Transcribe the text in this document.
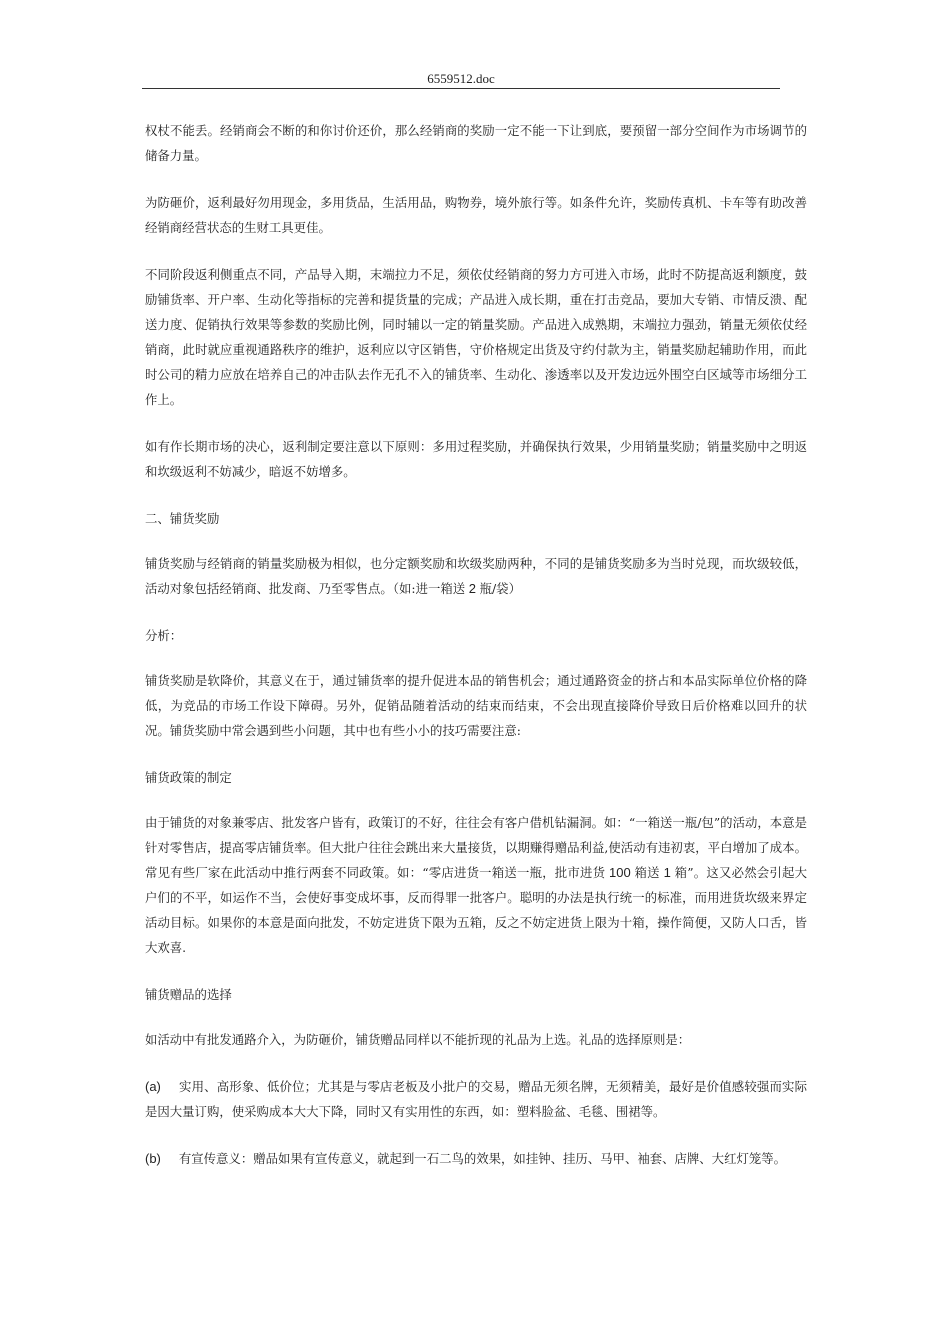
6559512.doc

权杖不能丢。经销商会不断的和你讨价还价，那么经销商的奖励一定不能一下让到底，要预留一部分空间作为市场调节的储备力量。

为防砸价，返利最好勿用现金，多用货品，生活用品，购物券，境外旅行等。如条件允许，奖励传真机、卡车等有助改善经销商经营状态的生财工具更佳。

不同阶段返利侧重点不同，产品导入期，末端拉力不足，须依仗经销商的努力方可进入市场，此时不防提高返利额度，鼓励铺货率、开户率、生动化等指标的完善和提货量的完成；产品进入成长期，重在打击竞品，要加大专销、市情反溃、配送力度、促销执行效果等参数的奖励比例，同时辅以一定的销量奖励。产品进入成熟期，末端拉力强劲，销量无须依仗经销商，此时就应重视通路秩序的维护，返利应以守区销售，守价格规定出货及守约付款为主，销量奖励起辅助作用，而此时公司的精力应放在培养自己的冲击队去作无孔不入的铺货率、生动化、渗透率以及开发边远外围空白区域等市场细分工作上。

如有作长期市场的决心，返利制定要注意以下原则：多用过程奖励，并确保执行效果，少用销量奖励；销量奖励中之明返和坎级返利不妨减少，暗返不妨增多。

二、铺货奖励

铺货奖励与经销商的销量奖励极为相似，也分定额奖励和坎级奖励两种，不同的是铺货奖励多为当时兑现，而坎级较低，活动对象包括经销商、批发商、乃至零售点。（如:进一箱送 2 瓶/袋）

分析：

铺货奖励是软降价，其意义在于，通过铺货率的提升促进本品的销售机会；通过通路资金的挤占和本品实际单位价格的降低，为竞品的市场工作设下障碍。另外，促销品随着活动的结束而结束，不会出现直接降价导致日后价格难以回升的状况。铺货奖励中常会遇到些小问题，其中也有些小小的技巧需要注意:

铺货政策的制定

由于铺货的对象兼零店、批发客户皆有，政策订的不好，往往会有客户借机钻漏洞。如：“一箱送一瓶/包”的活动，本意是针对零售店，提高零店铺货率。但大批户往往会跳出来大量接货，以期赚得赠品利益,使活动有违初衷，平白增加了成本。常见有些厂家在此活动中推行两套不同政策。如：“零店进货一箱送一瓶，批市进货 100 箱送 1 箱”。这又必然会引起大户们的不平，如运作不当，会使好事变成坏事，反而得罪一批客户。聪明的办法是执行统一的标准，而用进货坎级来界定活动目标。如果你的本意是面向批发，不妨定进货下限为五箱，反之不妨定进货上限为十箱，操作简便，又防人口舌，皆大欢喜.

铺货赠品的选择

如活动中有批发通路介入，为防砸价，铺货赠品同样以不能折现的礼品为上选。礼品的选择原则是：

(a) 实用、高形象、低价位；尤其是与零店老板及小批户的交易，赠品无须名牌，无须精美，最好是价值感较强而实际是因大量订购，使采购成本大大下降，同时又有实用性的东西，如：塑料脸盆、毛毯、围裙等。

(b) 有宣传意义：赠品如果有宣传意义，就起到一石二鸟的效果，如挂钟、挂历、马甲、袖套、店牌、大红灯笼等。
